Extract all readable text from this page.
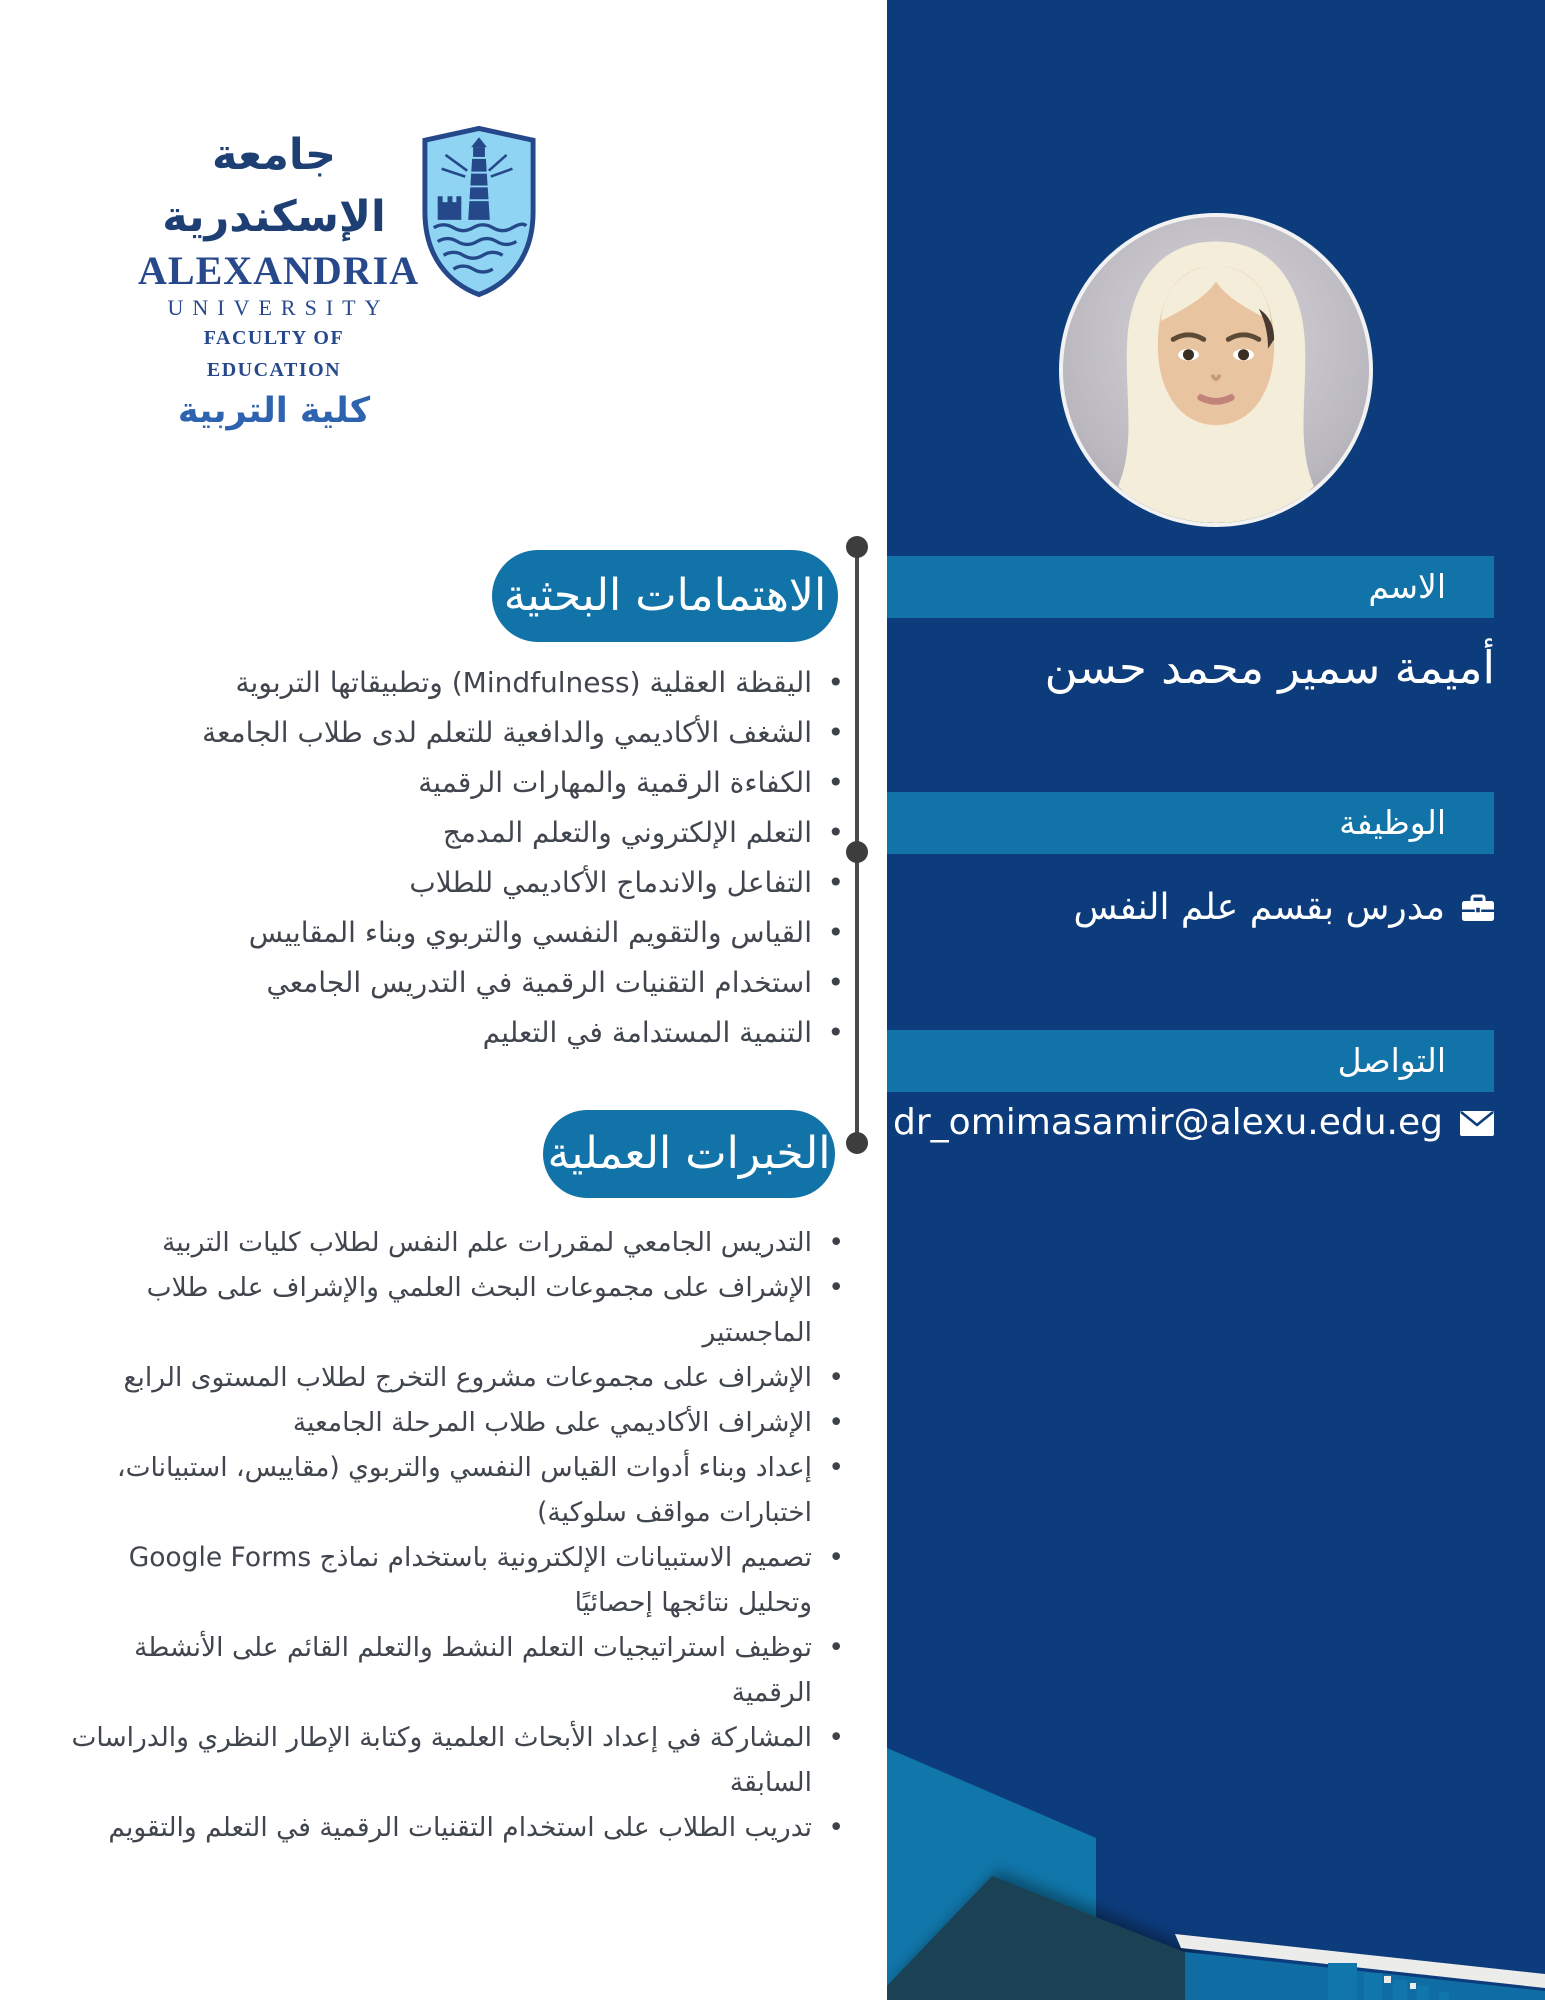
الاسم
أميمة سمير محمد حسن
الوظيفة
مدرس بقسم علم النفس
التواصل
dr_omimasamir@alexu.edu.eg
جامعة الإسكندرية
ALEXANDRIA
UNIVERSITY
FACULTY OF EDUCATION
كلية التربية
الاهتمامات البحثية
• اليقظة العقلية (Mindfulness) وتطبيقاتها التربوية
• الشغف الأكاديمي والدافعية للتعلم لدى طلاب الجامعة
• الكفاءة الرقمية والمهارات الرقمية
• التعلم الإلكتروني والتعلم المدمج
• التفاعل والاندماج الأكاديمي للطلاب
• القياس والتقويم النفسي والتربوي وبناء المقاييس
• استخدام التقنيات الرقمية في التدريس الجامعي
• التنمية المستدامة في التعليم
الخبرات العملية
• التدريس الجامعي لمقررات علم النفس لطلاب كليات التربية
• الإشراف على مجموعات البحث العلمي والإشراف على طلاب الماجستير
• الإشراف على مجموعات مشروع التخرج لطلاب المستوى الرابع
• الإشراف الأكاديمي على طلاب المرحلة الجامعية
• إعداد وبناء أدوات القياس النفسي والتربوي (مقاييس، استبيانات، اختبارات مواقف سلوكية)
• تصميم الاستبيانات الإلكترونية باستخدام نماذج Google Forms وتحليل نتائجها إحصائيًا
• توظيف استراتيجيات التعلم النشط والتعلم القائم على الأنشطة الرقمية
• المشاركة في إعداد الأبحاث العلمية وكتابة الإطار النظري والدراسات السابقة
• تدريب الطلاب على استخدام التقنيات الرقمية في التعلم والتقويم
